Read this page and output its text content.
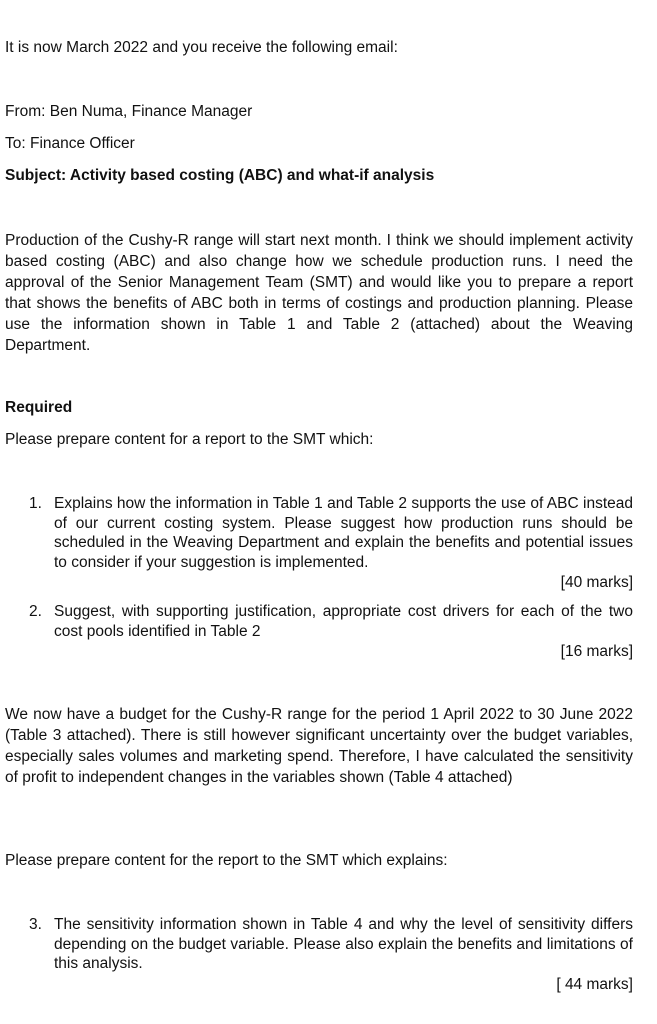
It is now March 2022 and you receive the following email:
From: Ben Numa, Finance Manager
To: Finance Officer
Subject: Activity based costing (ABC) and what-if analysis
Production of the Cushy-R range will start next month. I think we should implement activity based costing (ABC) and also change how we schedule production runs. I need the approval of the Senior Management Team (SMT) and would like you to prepare a report that shows the benefits of ABC both in terms of costings and production planning. Please use the information shown in Table 1 and Table 2 (attached) about the Weaving Department.
Required
Please prepare content for a report to the SMT which:
1. Explains how the information in Table 1 and Table 2 supports the use of ABC instead of our current costing system. Please suggest how production runs should be scheduled in the Weaving Department and explain the benefits and potential issues to consider if your suggestion is implemented.
[40 marks]
2. Suggest, with supporting justification, appropriate cost drivers for each of the two cost pools identified in Table 2
[16 marks]
We now have a budget for the Cushy-R range for the period 1 April 2022 to 30 June 2022 (Table 3 attached). There is still however significant uncertainty over the budget variables, especially sales volumes and marketing spend. Therefore, I have calculated the sensitivity of profit to independent changes in the variables shown (Table 4 attached)
Please prepare content for the report to the SMT which explains:
3. The sensitivity information shown in Table 4 and why the level of sensitivity differs depending on the budget variable. Please also explain the benefits and limitations of this analysis.
[ 44 marks]
